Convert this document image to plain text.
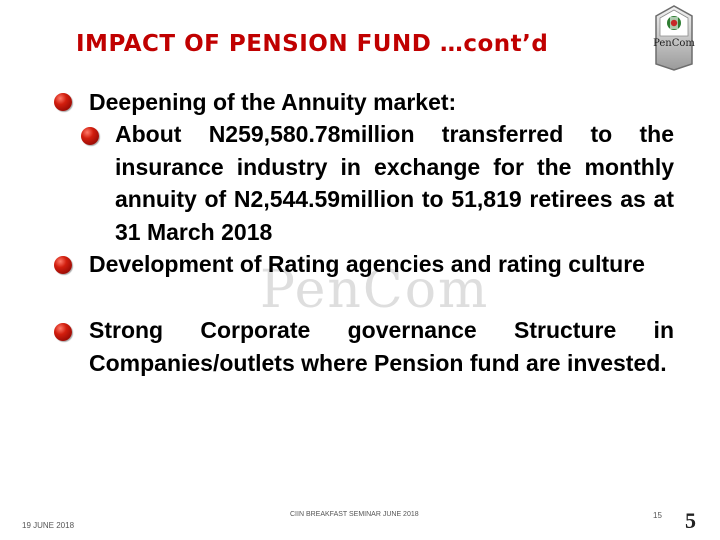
IMPACT OF PENSION FUND …cont’d	PenCom
PenCom
Deepening of the Annuity market:
About N259,580.78million transferred to the insurance industry in exchange for the monthly annuity of N2,544.59million to 51,819 retirees as at 31 March 2018
Development of Rating agencies and rating culture
Strong Corporate governance Structure in Companies/outlets where Pension fund are invested.
19 JUNE 2018
CIIN BREAKFAST SEMINAR JUNE 2018	15 5
